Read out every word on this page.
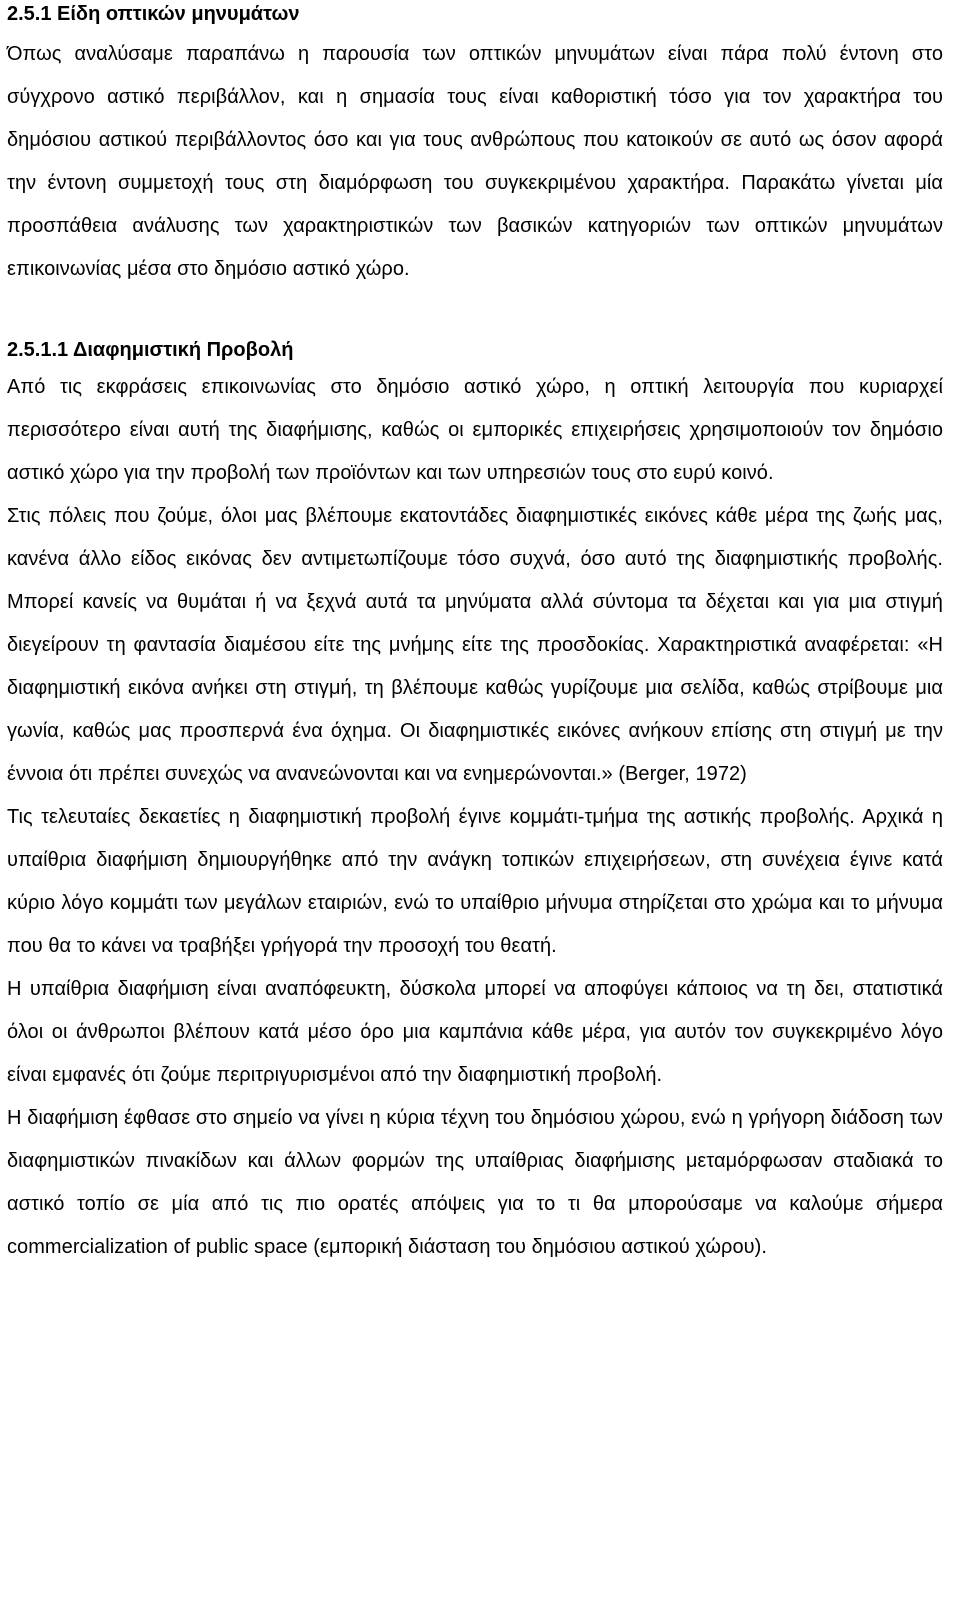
2.5.1 Είδη οπτικών μηνυμάτων

Όπως αναλύσαμε παραπάνω η παρουσία των οπτικών μηνυμάτων είναι πάρα πολύ έντονη στο σύγχρονο αστικό περιβάλλον, και η σημασία τους είναι καθοριστική τόσο για τον χαρακτήρα του δημόσιου αστικού περιβάλλοντος όσο και για τους ανθρώπους που κατοικούν σε αυτό ως όσον αφορά την έντονη συμμετοχή τους στη διαμόρφωση του συγκεκριμένου χαρακτήρα. Παρακάτω γίνεται μία προσπάθεια ανάλυσης των χαρακτηριστικών των βασικών κατηγοριών των οπτικών μηνυμάτων επικοινωνίας μέσα στο δημόσιο αστικό χώρο.

2.5.1.1 Διαφημιστική Προβολή

Από τις εκφράσεις επικοινωνίας στο δημόσιο αστικό χώρο, η οπτική λειτουργία που κυριαρχεί περισσότερο είναι αυτή της διαφήμισης, καθώς οι εμπορικές επιχειρήσεις χρησιμοποιούν τον δημόσιο αστικό χώρο για την προβολή των προϊόντων και των υπηρεσιών τους στο ευρύ κοινό.

Στις πόλεις που ζούμε, όλοι μας βλέπουμε εκατοντάδες διαφημιστικές εικόνες κάθε μέρα της ζωής μας, κανένα άλλο είδος εικόνας δεν αντιμετωπίζουμε τόσο συχνά, όσο αυτό της διαφημιστικής προβολής. Μπορεί κανείς να θυμάται ή να ξεχνά αυτά τα μηνύματα αλλά σύντομα τα δέχεται και για μια στιγμή διεγείρουν τη φαντασία διαμέσου είτε της μνήμης είτε της προσδοκίας. Χαρακτηριστικά αναφέρεται: «Η διαφημιστική εικόνα ανήκει στη στιγμή, τη βλέπουμε καθώς γυρίζουμε μια σελίδα, καθώς στρίβουμε μια γωνία, καθώς μας προσπερνά ένα όχημα. Οι διαφημιστικές εικόνες ανήκουν επίσης στη στιγμή με την έννοια ότι πρέπει συνεχώς να ανανεώνονται και να ενημερώνονται.» (Berger, 1972)

Τις τελευταίες δεκαετίες η διαφημιστική προβολή έγινε κομμάτι-τμήμα της αστικής προβολής. Αρχικά η υπαίθρια διαφήμιση δημιουργήθηκε από την ανάγκη τοπικών επιχειρήσεων, στη συνέχεια έγινε κατά κύριο λόγο κομμάτι των μεγάλων εταιριών, ενώ το υπαίθριο μήνυμα στηρίζεται στο χρώμα και το μήνυμα που θα το κάνει να τραβήξει γρήγορά την προσοχή του θεατή.

Η υπαίθρια διαφήμιση είναι αναπόφευκτη, δύσκολα μπορεί να αποφύγει κάποιος να τη δει, στατιστικά όλοι οι άνθρωποι βλέπουν κατά μέσο όρο μια καμπάνια κάθε μέρα, για αυτόν τον συγκεκριμένο λόγο είναι εμφανές ότι ζούμε περιτριγυρισμένοι από την διαφημιστική προβολή.

Η διαφήμιση έφθασε στο σημείο να γίνει η κύρια τέχνη του δημόσιου χώρου, ενώ η γρήγορη διάδοση των διαφημιστικών πινακίδων και άλλων φορμών της υπαίθριας διαφήμισης μεταμόρφωσαν σταδιακά το αστικό τοπίο σε μία από τις πιο ορατές απόψεις για το τι θα μπορούσαμε να καλούμε σήμερα commercialization of public space (εμπορική διάσταση του δημόσιου αστικού χώρου).
